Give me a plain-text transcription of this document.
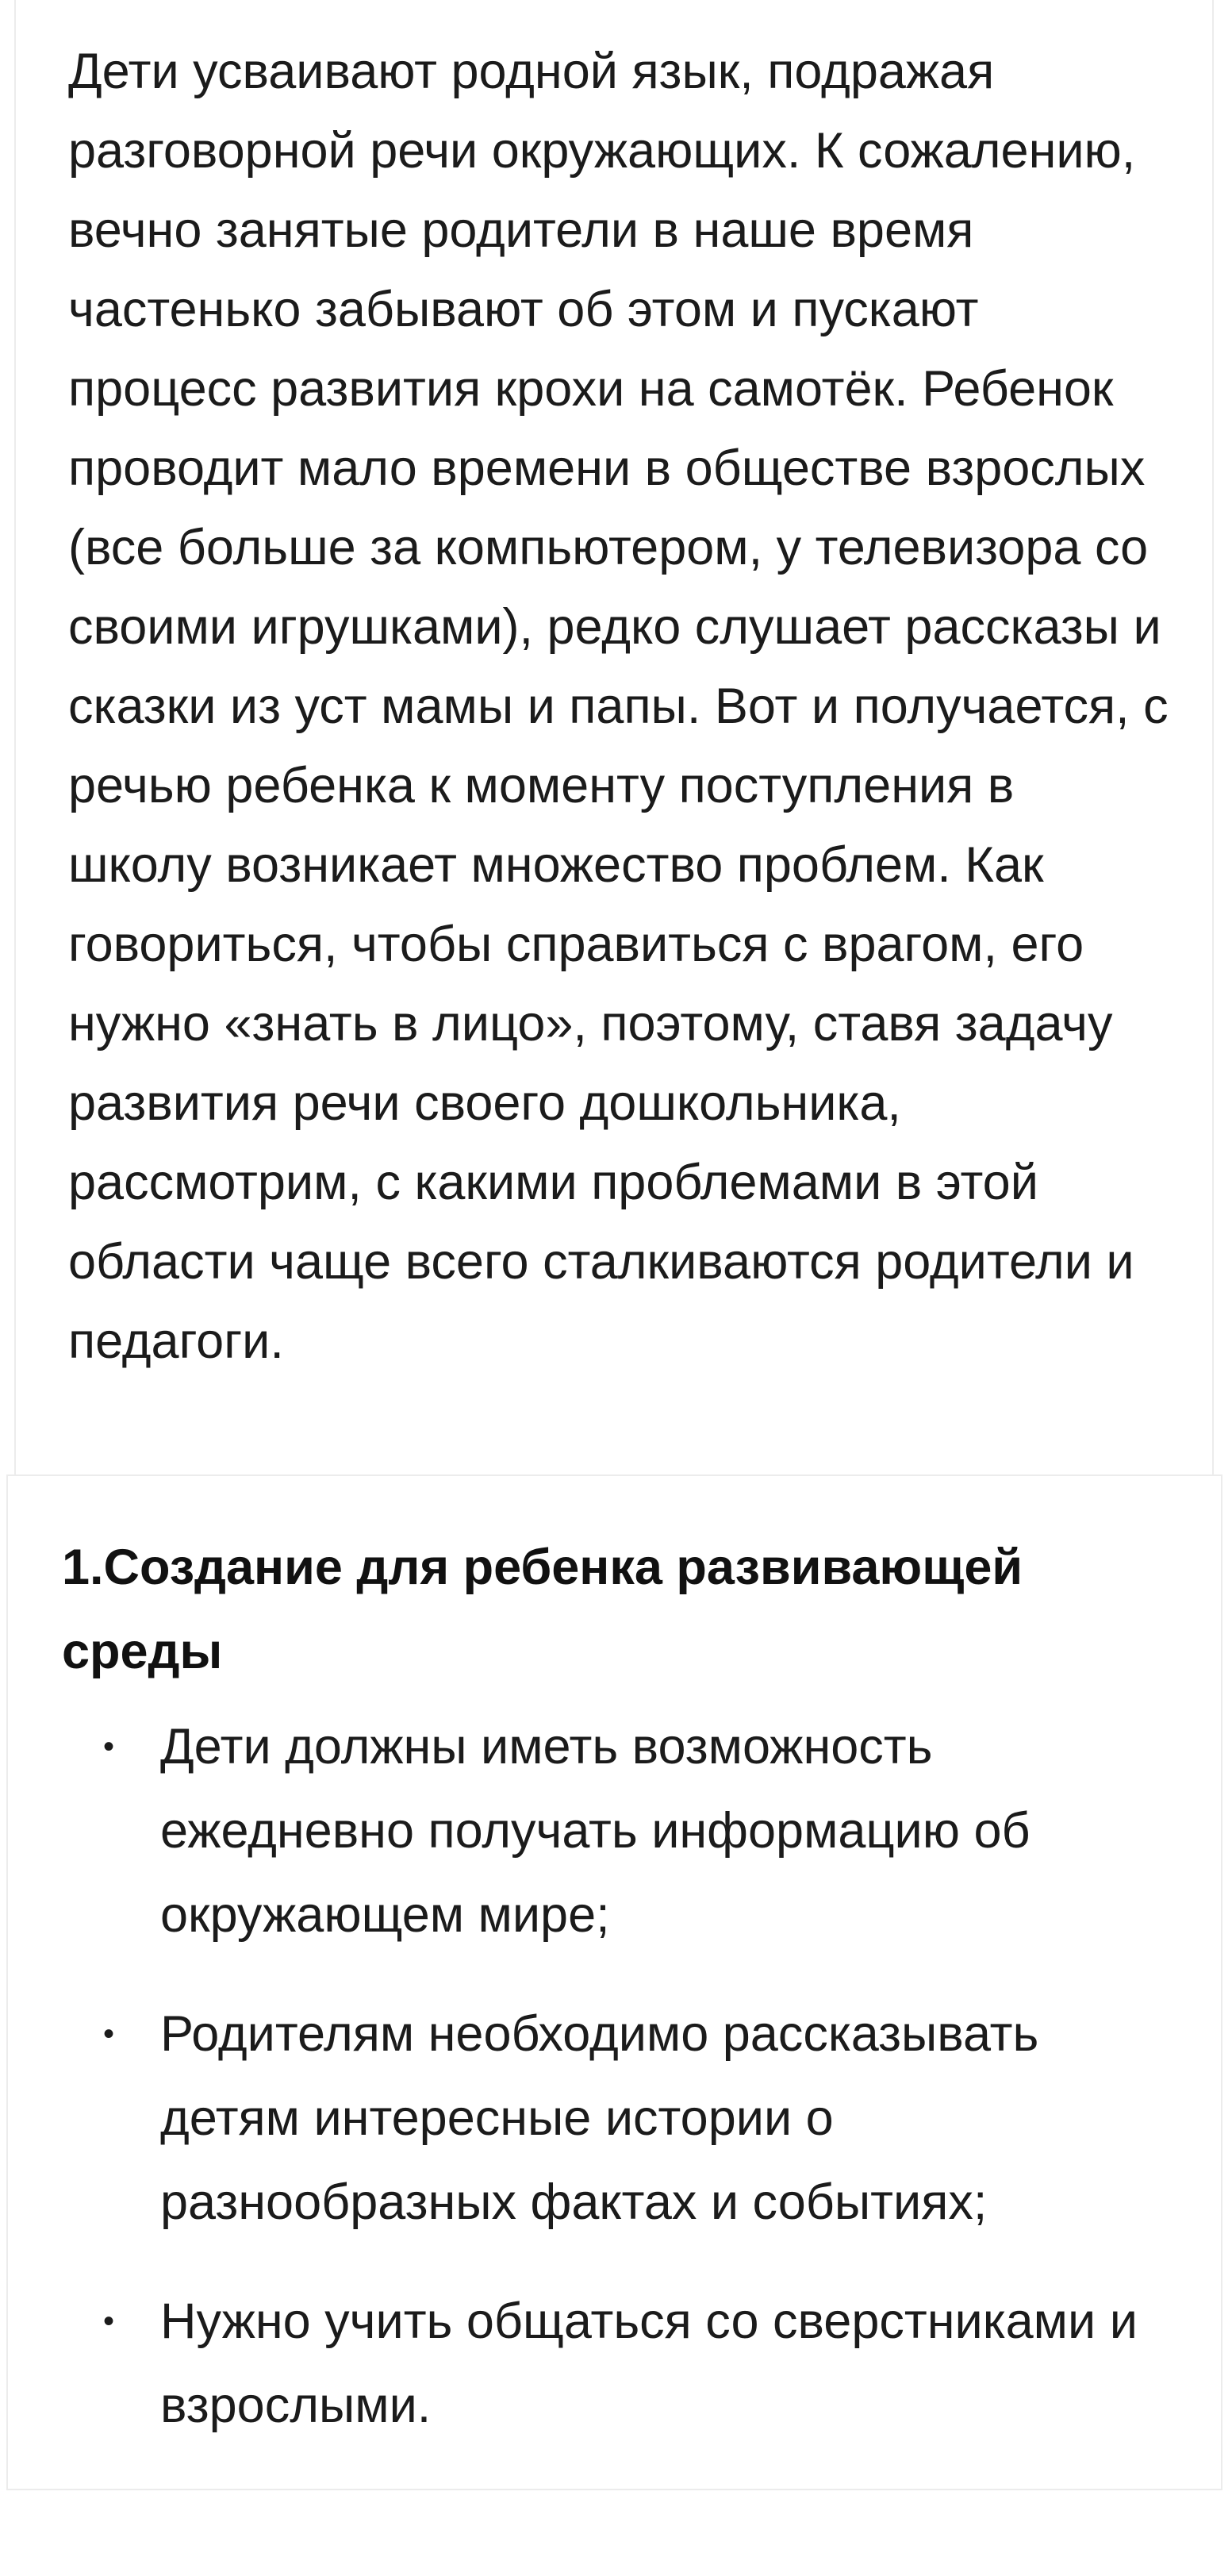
Дети усваивают родной язык, подражая разговорной речи окружающих. К сожалению, вечно занятые родители в наше время частенько забывают об этом и пускают процесс развития крохи на самотёк. Ребенок проводит мало времени в обществе взрослых (все больше за компьютером, у телевизора со своими игрушками), редко слушает рассказы и сказки из уст мамы и папы. Вот и получается, с речью ребенка к моменту поступления в школу возникает множество проблем. Как говориться, чтобы справиться с врагом, его нужно «знать в лицо», поэтому, ставя задачу развития речи своего дошкольника, рассмотрим, с какими проблемами в этой области чаще всего сталкиваются родители и педагоги.

1.Создание для ребенка развивающей среды
• Дети должны иметь возможность ежедневно получать информацию об окружающем мире;
• Родителям необходимо рассказывать детям интересные истории о разнообразных фактах и событиях;
• Нужно учить общаться со сверстниками и взрослыми.
